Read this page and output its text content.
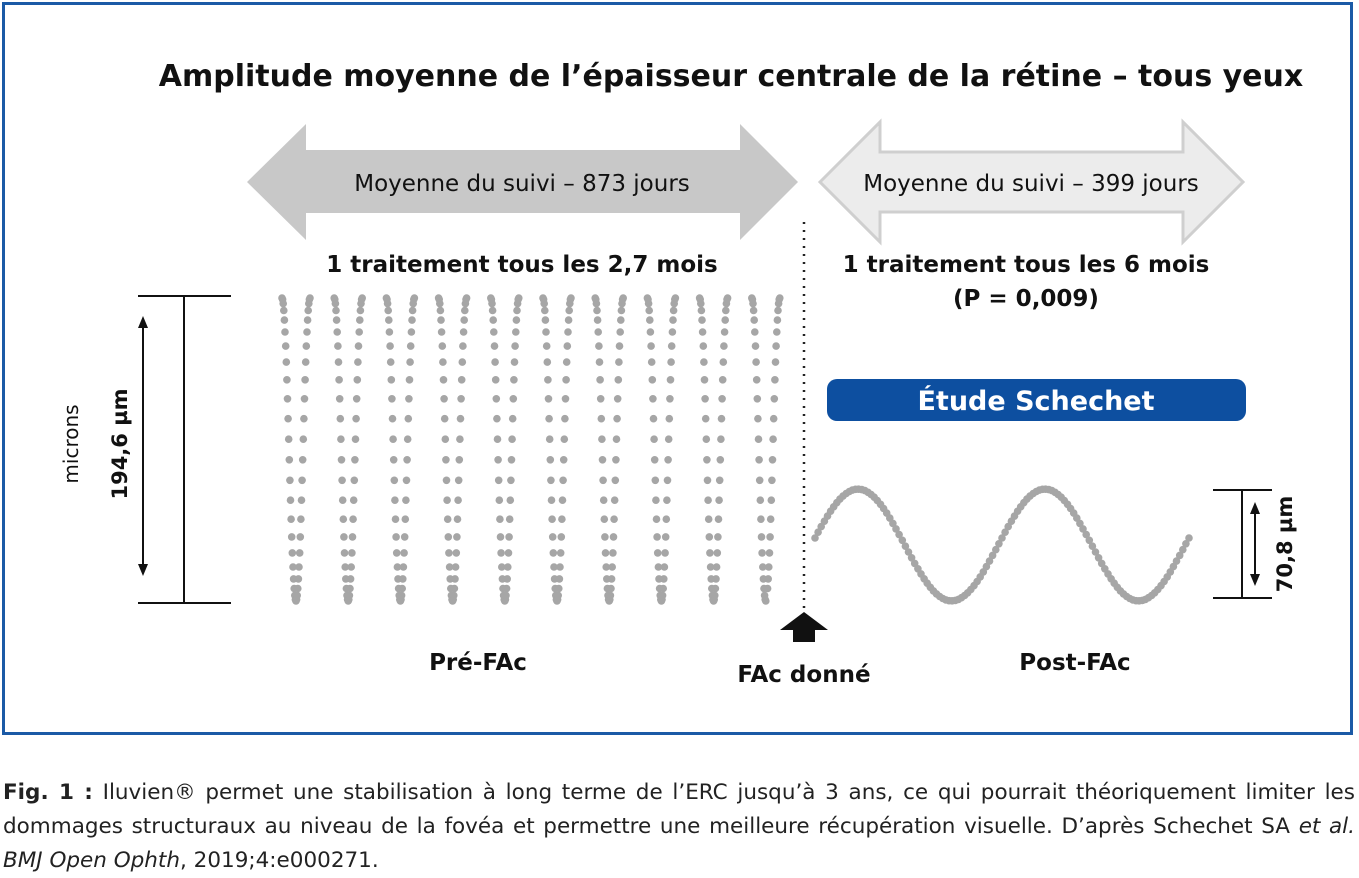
Amplitude moyenne de l’épaisseur centrale de la rétine – tous yeux
Moyenne du suivi – 873 jours	Moyenne du suivi – 399 jours
1 traitement tous les 2,7 mois	1 traitement tous les 6 mois
(P = 0,009)
Étude Schechet
microns 194,6 µm
70,8 µm
FAc donné
Pré-FAc	Post-FAc
Fig. 1 : Iluvien® permet une stabilisation à long terme de l’ERC jusqu’à 3 ans, ce qui pourrait théoriquement limiter les dommages structuraux au niveau de la fovéa et permettre une meilleure récupération visuelle. D’après Schechet SA et al. BMJ Open Ophth, 2019;4:e000271.
